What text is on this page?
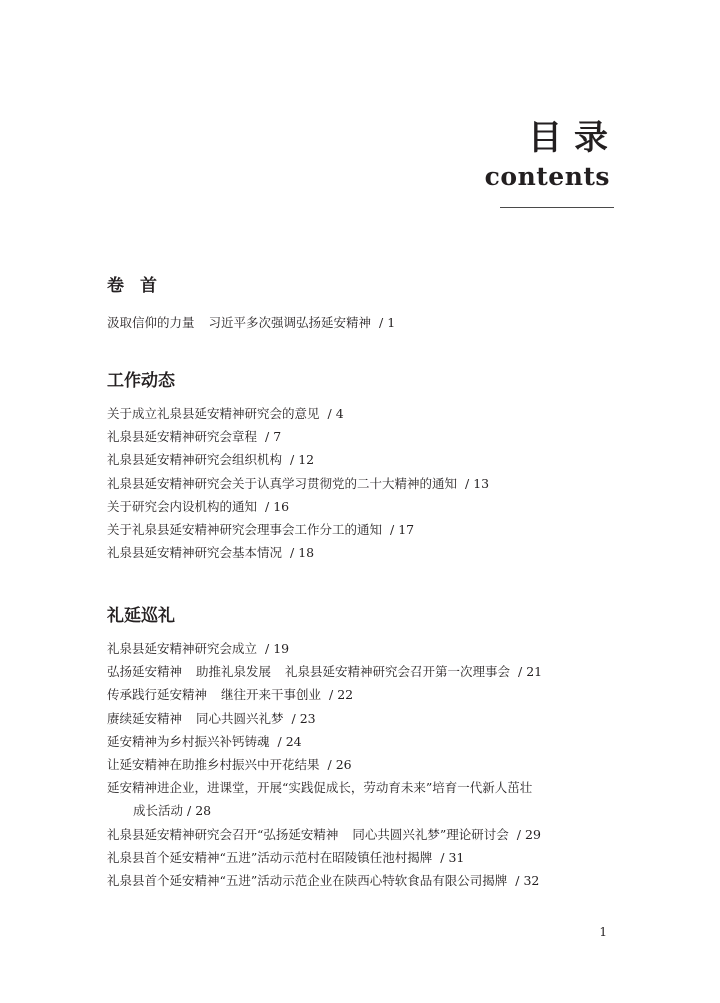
目录
contents
卷首
汲取信仰的力量 习近平多次强调弘扬延安精神 / 1
工作动态
关于成立礼泉县延安精神研究会的意见 / 4
礼泉县延安精神研究会章程 / 7
礼泉县延安精神研究会组织机构 / 12
礼泉县延安精神研究会关于认真学习贯彻党的二十大精神的通知 / 13
关于研究会内设机构的通知 / 16
关于礼泉县延安精神研究会理事会工作分工的通知 / 17
礼泉县延安精神研究会基本情况 / 18
礼延巡礼
礼泉县延安精神研究会成立 / 19
弘扬延安精神 助推礼泉发展 礼泉县延安精神研究会召开第一次理事会 / 21
传承践行延安精神 继往开来干事创业 / 22
赓续延安精神 同心共圆兴礼梦 / 23
延安精神为乡村振兴补钙铸魂 / 24
让延安精神在助推乡村振兴中开花结果 / 26
延安精神进企业，进课堂，开展“实践促成长，劳动育未来”培育一代新人茁壮
成长活动 / 28
礼泉县延安精神研究会召开“弘扬延安精神 同心共圆兴礼梦”理论研讨会 / 29
礼泉县首个延安精神“五进”活动示范村在昭陵镇任池村揭牌 / 31
礼泉县首个延安精神“五进”活动示范企业在陕西心特软食品有限公司揭牌 / 32
1
